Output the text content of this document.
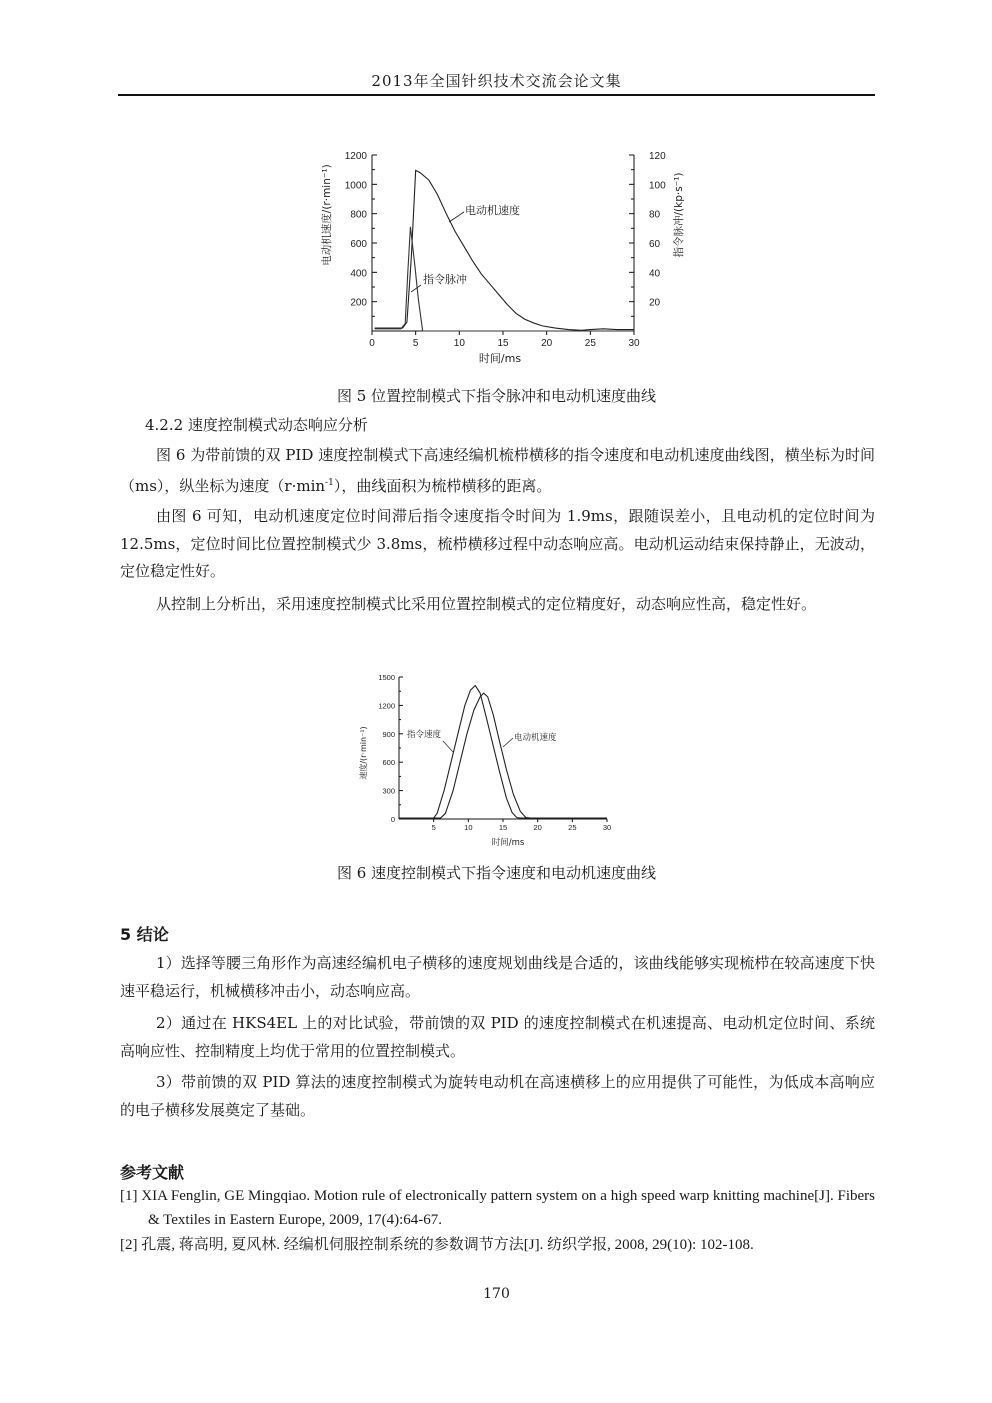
2013年全国针织技术交流会论文集
0	5	10	15	20	25	30
200
400
600
800
1000
1200
20
40
60
80
100
120
时间/ms
电动机速度/(r·min⁻¹)	指令脉冲/(kp·s⁻¹)
电动机速度
指令脉冲
图 5 位置控制模式下指令脉冲和电动机速度曲线
4.2.2 速度控制模式动态响应分析
图 6 为带前馈的双 PID 速度控制模式下高速经编机梳栉横移的指令速度和电动机速度曲线图，横坐标为时间（ms），纵坐标为速度$(r\cdot\min^{-1})$，曲线面积为梳栉横移的距离。
由图 6 可知，电动机速度定位时间滞后指令速度指令时间为 1.9ms，跟随误差小，且电动机的定位时间为 12.5ms，定位时间比位置控制模式少 3.8ms，梳栉横移过程中动态响应高。电动机运动结束保持静止，无波动，定位稳定性好。
从控制上分析出，采用速度控制模式比采用位置控制模式的定位精度好，动态响应性高，稳定性好。
0
300
600
900
1200
1500
5	10	15	20	25	30
时间/ms
速度/(r·min⁻¹)	指令速度	电动机速度
图 6 速度控制模式下指令速度和电动机速度曲线
5 结论
1）选择等腰三角形作为高速经编机电子横移的速度规划曲线是合适的，该曲线能够实现梳栉在较高速度下快速平稳运行，机械横移冲击小，动态响应高。
2）通过在 HKS4EL 上的对比试验，带前馈的双 PID 的速度控制模式在机速提高、电动机定位时间、系统高响应性、控制精度上均优于常用的位置控制模式。
3）带前馈的双 PID 算法的速度控制模式为旋转电动机在高速横移上的应用提供了可能性，为低成本高响应的电子横移发展奠定了基础。
参考文献
[1] XIA Fenglin, GE Mingqiao. Motion rule of electronically pattern system on a high speed warp knitting machine[J]. Fibers & Textiles in Eastern Europe, 2009, 17(4):64-67.
[2] 孔震, 蒋高明, 夏风林. 经编机伺服控制系统的参数调节方法[J]. 纺织学报, 2008, 29(10): 102-108.
170
